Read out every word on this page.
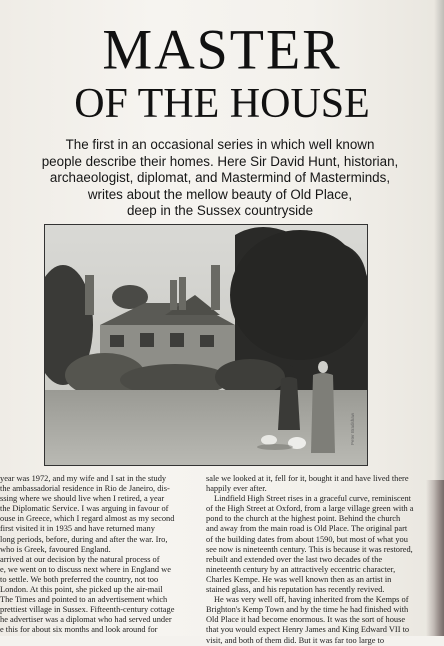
MASTER
OF THE HOUSE
The first in an occasional series in which well known
people describe their homes. Here Sir David Hunt, historian,
archaeologist, diplomat, and Mastermind of Masterminds,
writes about the mellow beauty of Old Place,
deep in the Sussex countryside
Peter Bradshaw
year was 1972, and my wife and I sat in the study
the ambassadorial residence in Rio de Janeiro, dis-
ssing where we should live when I retired, a year
the Diplomatic Service. I was arguing in favour of
ouse in Greece, which I regard almost as my second
first visited it in 1935 and have returned many
long periods, before, during and after the war. Iro,
who is Greek, favoured England.
arrived at our decision by the natural process of
e, we went on to discuss next where in England we
to settle. We both preferred the country, not too
London. At this point, she picked up the air-mail
The Times and pointed to an advertisement which
prettiest village in Sussex. Fifteenth-century cottage
he advertiser was a diplomat who had served under
e this for about six months and look around for
sale we looked at it, fell for it, bought it and have lived there
happily ever after.
Lindfield High Street rises in a graceful curve, reminiscent
of the High Street at Oxford, from a large village green with a
pond to the church at the highest point. Behind the church
and away from the main road is Old Place. The original part
of the building dates from about 1590, but most of what you
see now is nineteenth century. This is because it was restored,
rebuilt and extended over the last two decades of the
nineteenth century by an attractively eccentric character,
Charles Kempe. He was well known then as an artist in
stained glass, and his reputation has recently revived.
He was very well off, having inherited from the Kemps of
Brighton's Kemp Town and by the time he had finished with
Old Place it had become enormous. It was the sort of house
that you would expect Henry James and King Edward VII to
visit, and both of them did. But it was far too large to
